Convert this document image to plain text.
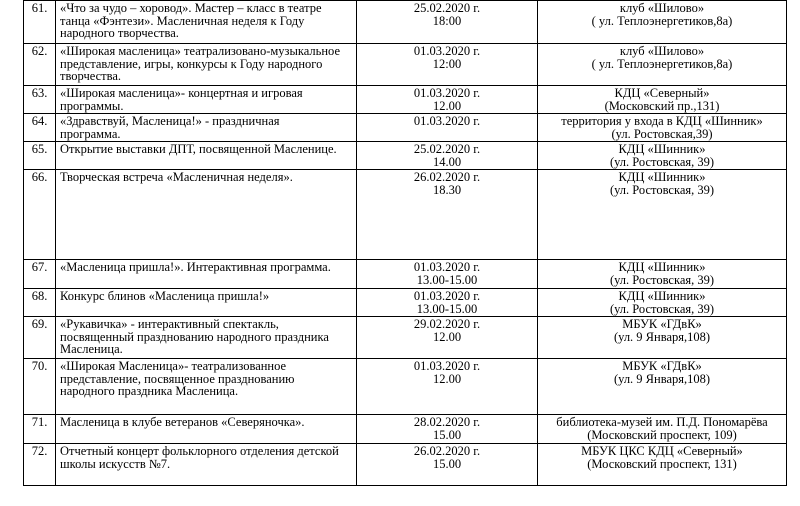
61.	«Что за чудо – хоровод». Мастер – класс в театре
танца «Фэнтези». Масленичная неделя к Году
народного творчества.	25.02.2020 г.
18:00	клуб «Шилово»
( ул. Теплоэнергетиков,8а)

62.	«Широкая масленица» театрализовано-музыкальное
представление, игры, конкурсы к Году народного
творчества.	01.03.2020 г.
12:00	клуб «Шилово»
( ул. Теплоэнергетиков,8а)

63.	«Широкая масленица»- концертная и игровая
программы.	01.03.2020 г.
12.00	КДЦ «Северный»
(Московский пр.,131)

64.	«Здравствуй, Масленица!» - праздничная
программа.	01.03.2020 г.	территория у входа в КДЦ «Шинник»
(ул. Ростовская,39)

65.	Открытие выставки ДПТ, посвященной Масленице.	25.02.2020 г.
14.00	КДЦ «Шинник»
(ул. Ростовская, 39)

66.	Творческая встреча «Масленичная неделя».	26.02.2020 г.
18.30	КДЦ «Шинник»
(ул. Ростовская, 39)

67.	«Масленица пришла!». Интерактивная программа.	01.03.2020 г.
13.00-15.00	КДЦ «Шинник»
(ул. Ростовская, 39)

68.	Конкурс блинов «Масленица пришла!»	01.03.2020 г.
13.00-15.00	КДЦ «Шинник»
(ул. Ростовская, 39)

69.	«Рукавичка» - интерактивный спектакль,
посвященный празднованию народного праздника
Масленица.	29.02.2020 г.
12.00	МБУК «ГДвК»
(ул. 9 Января,108)

70.	«Широкая Масленица»- театрализованное
представление, посвященное празднованию
народного праздника Масленица.	01.03.2020 г.
12.00	МБУК «ГДвК»
(ул. 9 Января,108)

71.	Масленица в клубе ветеранов «Северяночка».	28.02.2020 г.
15.00	библиотека-музей им. П.Д. Пономарёва
(Московский проспект, 109)

72.	Отчетный концерт фольклорного отделения детской
школы искусств №7.	26.02.2020 г.
15.00	МБУК ЦКС КДЦ «Северный»
(Московский проспект, 131)
